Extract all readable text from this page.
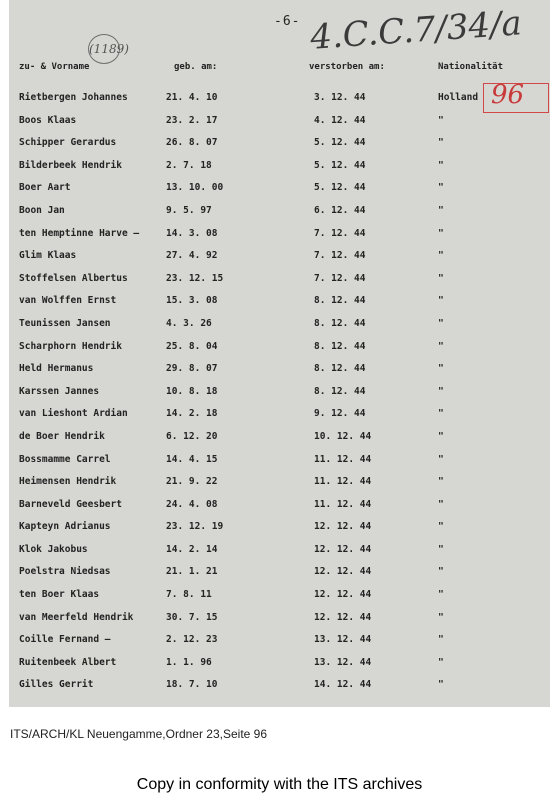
-6- 4.C.C.7/34/a
(1189)
zu- & Vorname	geb. am:	verstorben am:	Nationalität
96
Rietbergen Johannes	21. 4. 10	3. 12. 44	Holland
Boos Klaas	23. 2. 17	4. 12. 44	"
Schipper Gerardus	26. 8. 07	5. 12. 44	"
Bilderbeek Hendrik	2. 7. 18	5. 12. 44	"
Boer Aart	13. 10. 00	5. 12. 44	"
Boon Jan	9. 5. 97	6. 12. 44	"
ten Hemptinne Harve —	14. 3. 08	7. 12. 44	"
Glim Klaas	27. 4. 92	7. 12. 44	"
Stoffelsen Albertus	23. 12. 15	7. 12. 44	"
van Wolffen Ernst	15. 3. 08	8. 12. 44	"
Teunissen Jansen	4. 3. 26	8. 12. 44	"
Scharphorn Hendrik	25. 8. 04	8. 12. 44	"
Held Hermanus	29. 8. 07	8. 12. 44	"
Karssen Jannes	10. 8. 18	8. 12. 44	"
van Lieshont Ardian	14. 2. 18	9. 12. 44	"
de Boer Hendrik	6. 12. 20	10. 12. 44	"
Bossmamme Carrel	14. 4. 15	11. 12. 44	"
Heimensen Hendrik	21. 9. 22	11. 12. 44	"
Barneveld Geesbert	24. 4. 08	11. 12. 44	"
Kapteyn Adrianus	23. 12. 19	12. 12. 44	"
Klok Jakobus	14. 2. 14	12. 12. 44	"
Poelstra Niedsas	21. 1. 21	12. 12. 44	"
ten Boer Klaas	7. 8. 11	12. 12. 44	"
van Meerfeld Hendrik	30. 7. 15	12. 12. 44	"
Coille Fernand —	2. 12. 23	13. 12. 44	"
Ruitenbeek Albert	1. 1. 96	13. 12. 44	"
Gilles Gerrit	18. 7. 10	14. 12. 44	"
ITS/ARCH/KL Neuengamme,Ordner 23,Seite 96
Copy in conformity with the ITS archives
